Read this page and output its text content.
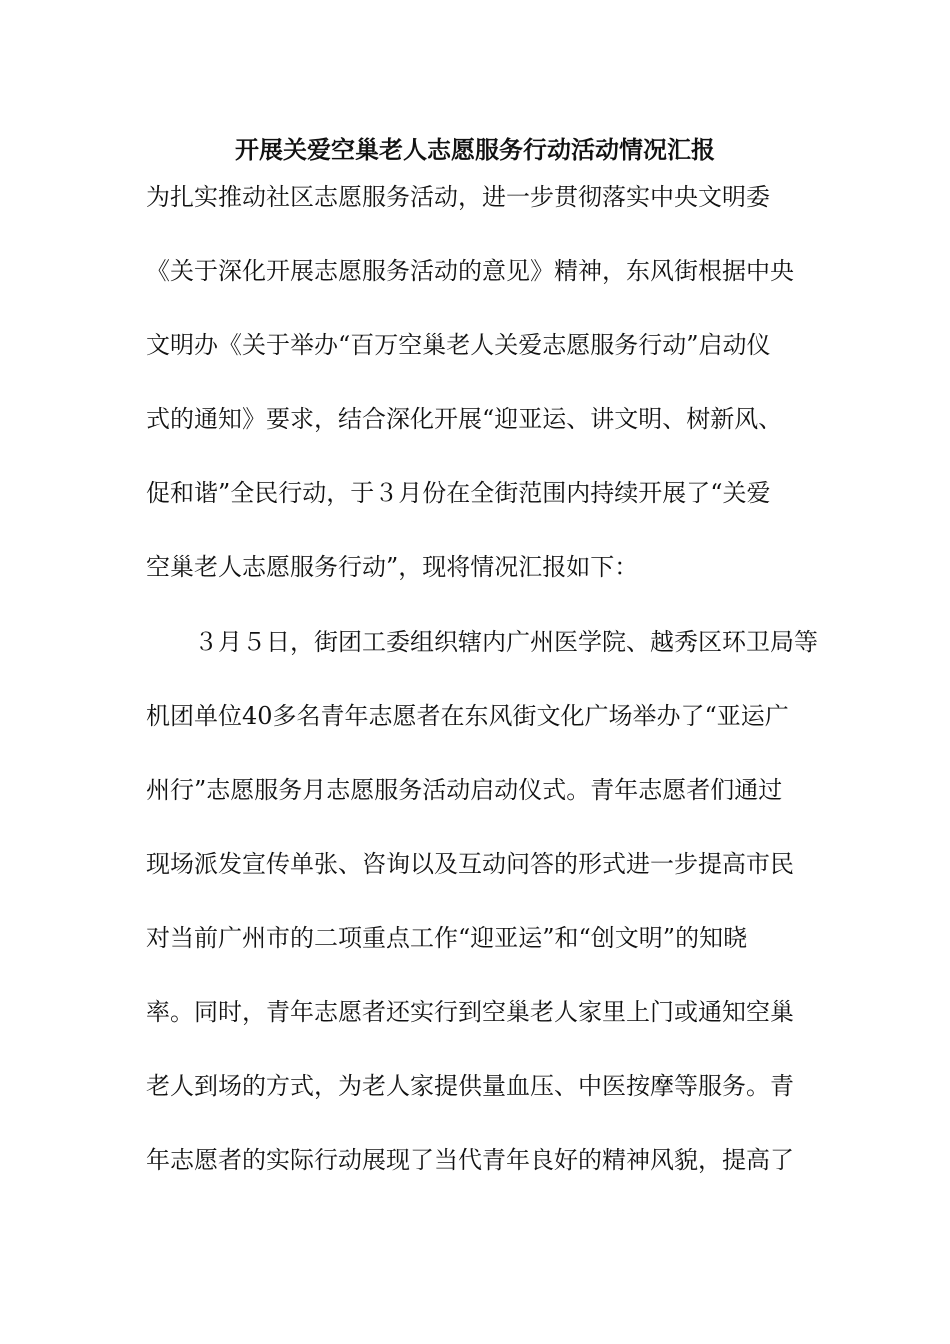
开展关爱空巢老人志愿服务行动活动情况汇报
为扎实推动社区志愿服务活动，进一步贯彻落实中央文明委
《关于深化开展志愿服务活动的意见》精神，东风街根据中央
文明办《关于举办“百万空巢老人关爱志愿服务行动”启动仪
式的通知》要求，结合深化开展“迎亚运、讲文明、树新风、
促和谐”全民行动，于３月份在全街范围内持续开展了“关爱
空巢老人志愿服务行动”，现将情况汇报如下：
　　３月５日，街团工委组织辖内广州医学院、越秀区环卫局等
机团单位40多名青年志愿者在东风街文化广场举办了“亚运广
州行”志愿服务月志愿服务活动启动仪式。青年志愿者们通过
现场派发宣传单张、咨询以及互动问答的形式进一步提高市民
对当前广州市的二项重点工作“迎亚运”和“创文明”的知晓
率。同时，青年志愿者还实行到空巢老人家里上门或通知空巢
老人到场的方式，为老人家提供量血压、中医按摩等服务。青
年志愿者的实际行动展现了当代青年良好的精神风貌，提高了
